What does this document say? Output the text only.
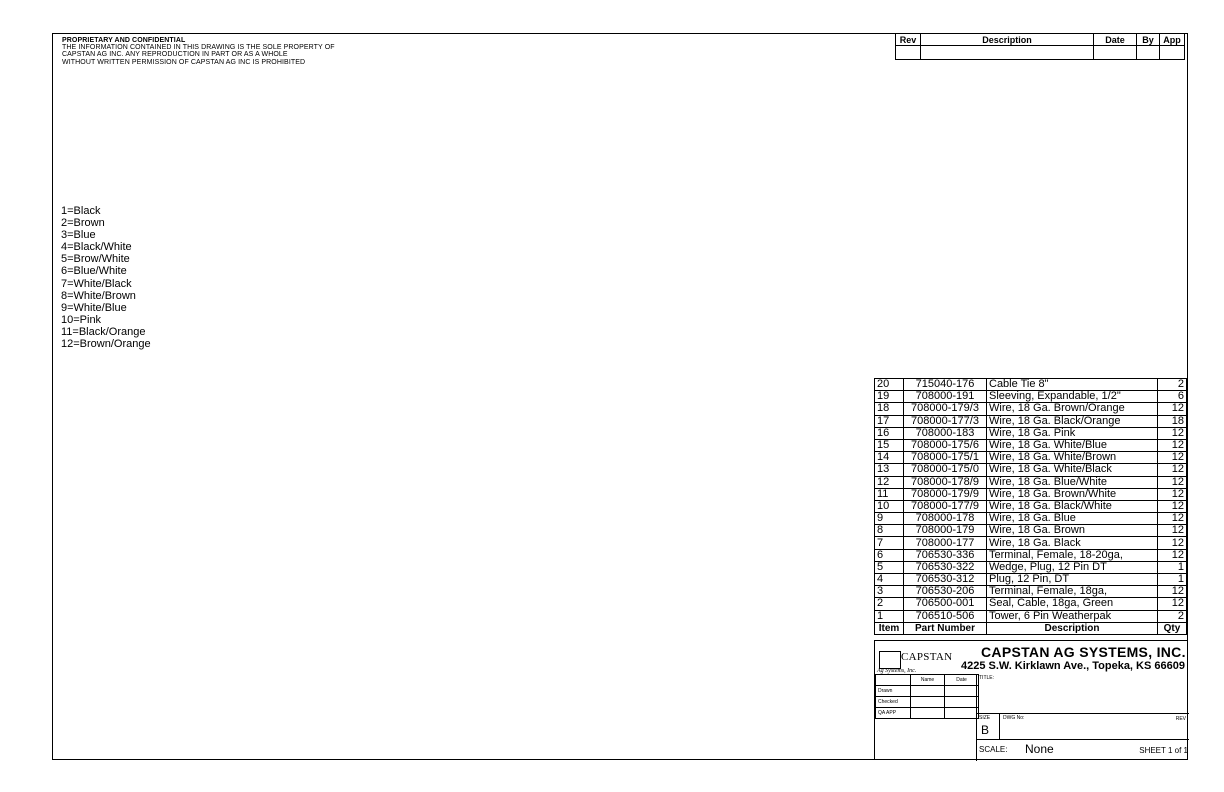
PROPRIETARY AND CONFIDENTIAL
THE INFORMATION CONTAINED IN THIS DRAWING IS THE SOLE PROPERTY OF
CAPSTAN AG INC. ANY REPRODUCTION IN PART OR AS A WHOLE
WITHOUT WRITTEN PERMISSION OF CAPSTAN AG INC IS PROHIBITED
1=Black
2=Brown
3=Blue
4=Black/White
5=Brow/White
6=Blue/White
7=White/Black
8=White/Brown
9=White/Blue
10=Pink
11=Black/Orange
12=Brown/Orange
Rev	Description	Date	By	App

20	715040-176	Cable Tie 8"	2
19	708000-191	Sleeving, Expandable, 1/2"	6
18	708000-179/3	Wire, 18 Ga. Brown/Orange	12
17	708000-177/3	Wire, 18 Ga. Black/Orange	18
16	708000-183	Wire, 18 Ga. Pink	12
15	708000-175/6	Wire, 18 Ga. White/Blue	12
14	708000-175/1	Wire, 18 Ga. White/Brown	12
13	708000-175/0	Wire, 18 Ga. White/Black	12
12	708000-178/9	Wire, 18 Ga. Blue/White	12
11	708000-179/9	Wire, 18 Ga. Brown/White	12
10	708000-177/9	Wire, 18 Ga. Black/White	12
9	708000-178	Wire, 18 Ga. Blue	12
8	708000-179	Wire, 18 Ga. Brown	12
7	708000-177	Wire, 18 Ga. Black	12
6	706530-336	Terminal, Female, 18-20ga,	12
5	706530-322	Wedge, Plug, 12 Pin DT	1
4	706530-312	Plug, 12 Pin, DT	1
3	706530-206	Terminal, Female, 18ga,	12
2	706500-001	Seal, Cable, 18ga, Green	12
1	706510-506	Tower, 6 Pin Weatherpak	2
Item	Part Number	Description	Qty
CAPSTAN
Ag Systems, Inc.
CAPSTAN AG SYSTEMS, INC.
4225 S.W. Kirklawn Ave., Topeka, KS 66609
	Name	Date
Drawn		
Checked		
QA APP		
TITLE:
SIZE
B
DWG No:	REV
SCALE: None	SHEET 1 of 1
